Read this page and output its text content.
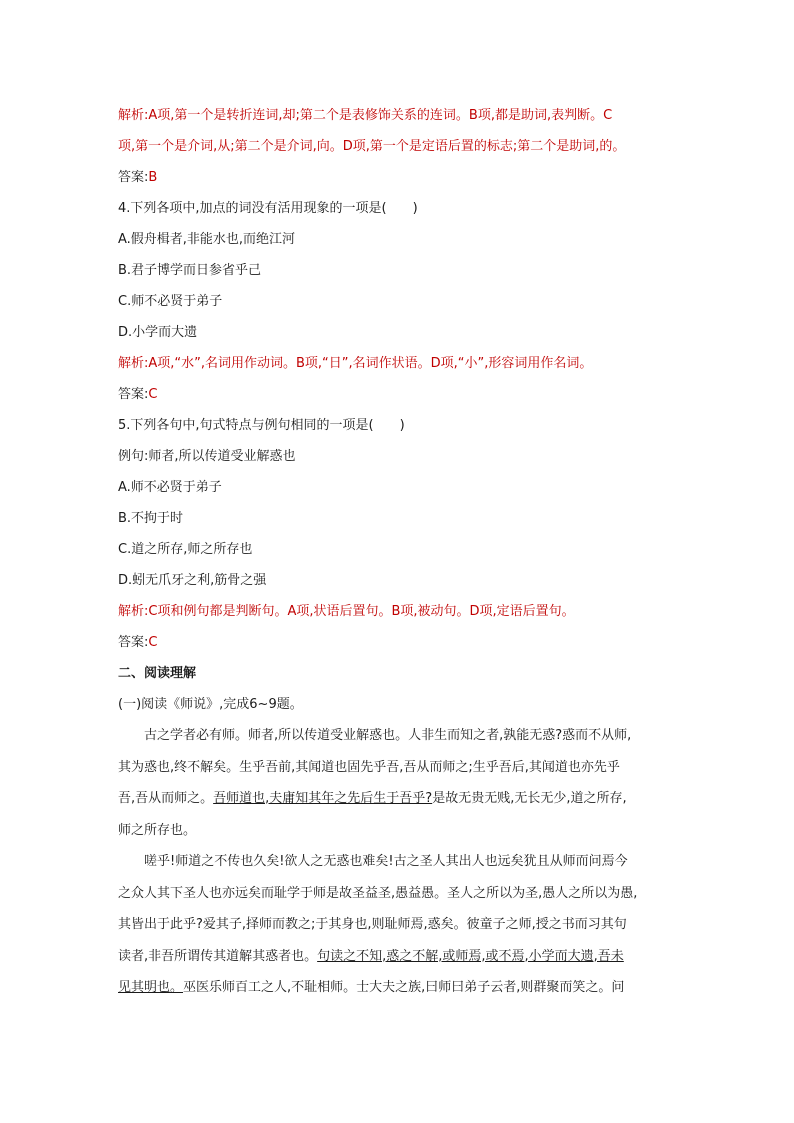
解析:A项,第一个是转折连词,却;第二个是表修饰关系的连词。B项,都是助词,表判断。C
项,第一个是介词,从;第二个是介词,向。D项,第一个是定语后置的标志;第二个是助词,的。
答案:B
4.下列各项中,加点的词没有活用现象的一项是(　　)
A.假舟楫者,非能水也,而绝江河
B.君子博学而日参省乎己
C.师不必贤于弟子
D.小学而大遗
解析:A项,“水”,名词用作动词。B项,“日”,名词作状语。D项,“小”,形容词用作名词。
答案:C
5.下列各句中,句式特点与例句相同的一项是(　　)
例句:师者,所以传道受业解惑也
A.师不必贤于弟子
B.不拘于时
C.道之所存,师之所存也
D.蚓无爪牙之利,筋骨之强
解析:C项和例句都是判断句。A项,状语后置句。B项,被动句。D项,定语后置句。
答案:C
二、阅读理解
(一)阅读《师说》,完成6~9题。
古之学者必有师。师者,所以传道受业解惑也。人非生而知之者,孰能无惑?惑而不从师,
其为惑也,终不解矣。生乎吾前,其闻道也固先乎吾,吾从而师之;生乎吾后,其闻道也亦先乎
吾,吾从而师之。吾师道也,夫庸知其年之先后生于吾乎?是故无贵无贱,无长无少,道之所存,
师之所存也。
嗟乎!师道之不传也久矣!欲人之无惑也难矣!古之圣人其出人也远矣犹且从师而问焉今
之众人其下圣人也亦远矣而耻学于师是故圣益圣,愚益愚。圣人之所以为圣,愚人之所以为愚,
其皆出于此乎?爱其子,择师而教之;于其身也,则耻师焉,惑矣。彼童子之师,授之书而习其句
读者,非吾所谓传其道解其惑者也。句读之不知,惑之不解,或师焉,或不焉,小学而大遗,吾未
见其明也。巫医乐师百工之人,不耻相师。士大夫之族,曰师曰弟子云者,则群聚而笑之。问
